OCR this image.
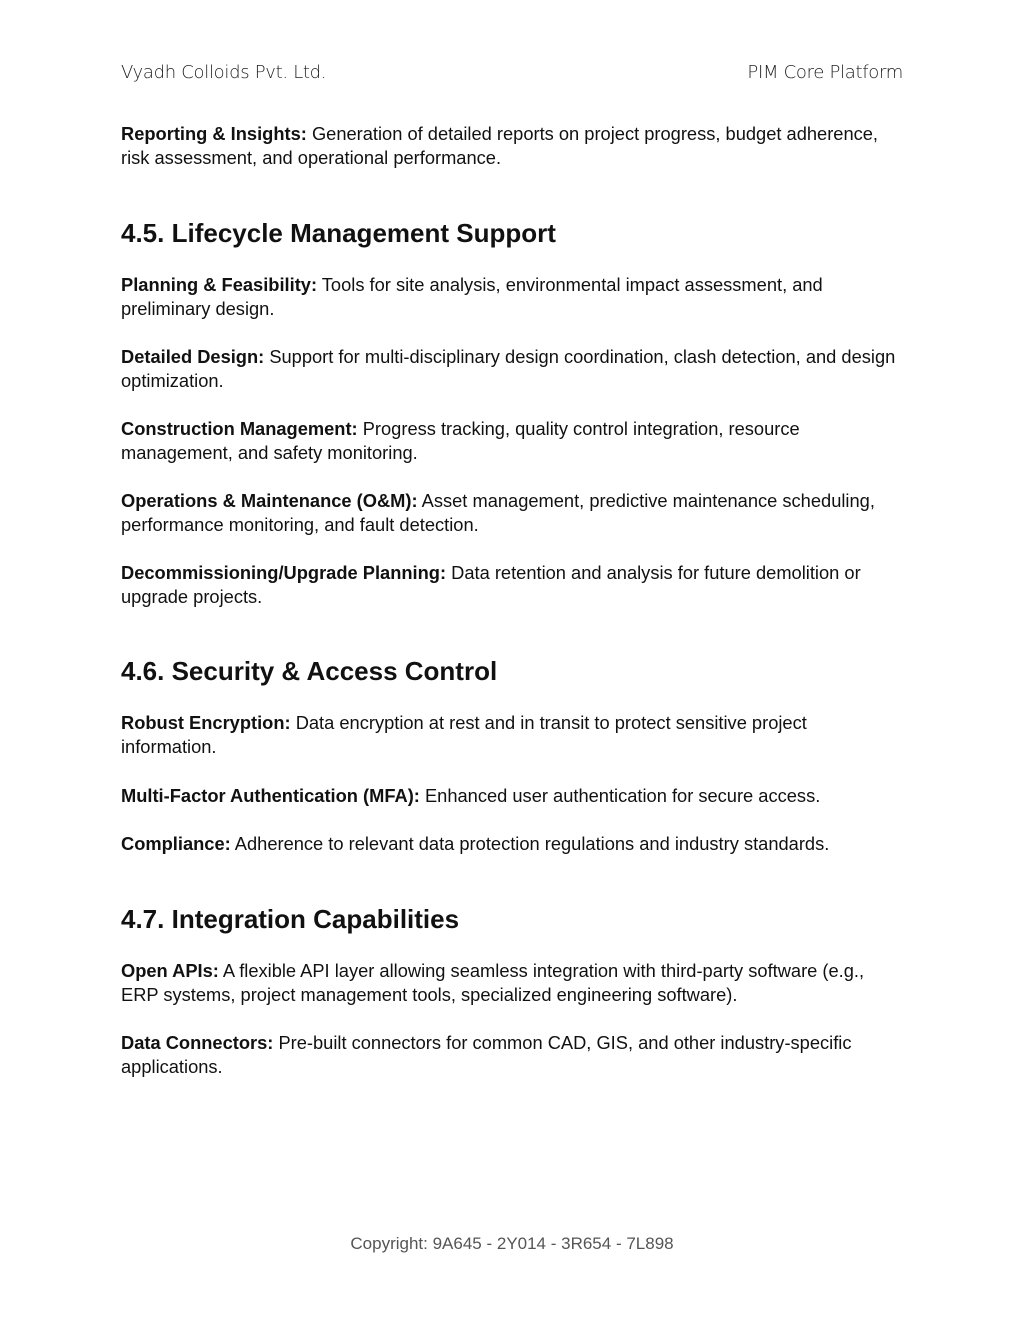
Vyadh Colloids Pvt. Ltd.	PIM Core Platform

Reporting & Insights: Generation of detailed reports on project progress, budget adherence, risk assessment, and operational performance.

4.5. Lifecycle Management Support

Planning & Feasibility: Tools for site analysis, environmental impact assessment, and preliminary design.

Detailed Design: Support for multi-disciplinary design coordination, clash detection, and design optimization.

Construction Management: Progress tracking, quality control integration, resource management, and safety monitoring.

Operations & Maintenance (O&M): Asset management, predictive maintenance scheduling, performance monitoring, and fault detection.

Decommissioning/Upgrade Planning: Data retention and analysis for future demolition or upgrade projects.

4.6. Security & Access Control

Robust Encryption: Data encryption at rest and in transit to protect sensitive project information.

Multi-Factor Authentication (MFA): Enhanced user authentication for secure access.

Compliance: Adherence to relevant data protection regulations and industry standards.

4.7. Integration Capabilities

Open APIs: A flexible API layer allowing seamless integration with third-party software (e.g., ERP systems, project management tools, specialized engineering software).

Data Connectors: Pre-built connectors for common CAD, GIS, and other industry-specific applications.

Copyright: 9A645 - 2Y014 - 3R654 - 7L898
